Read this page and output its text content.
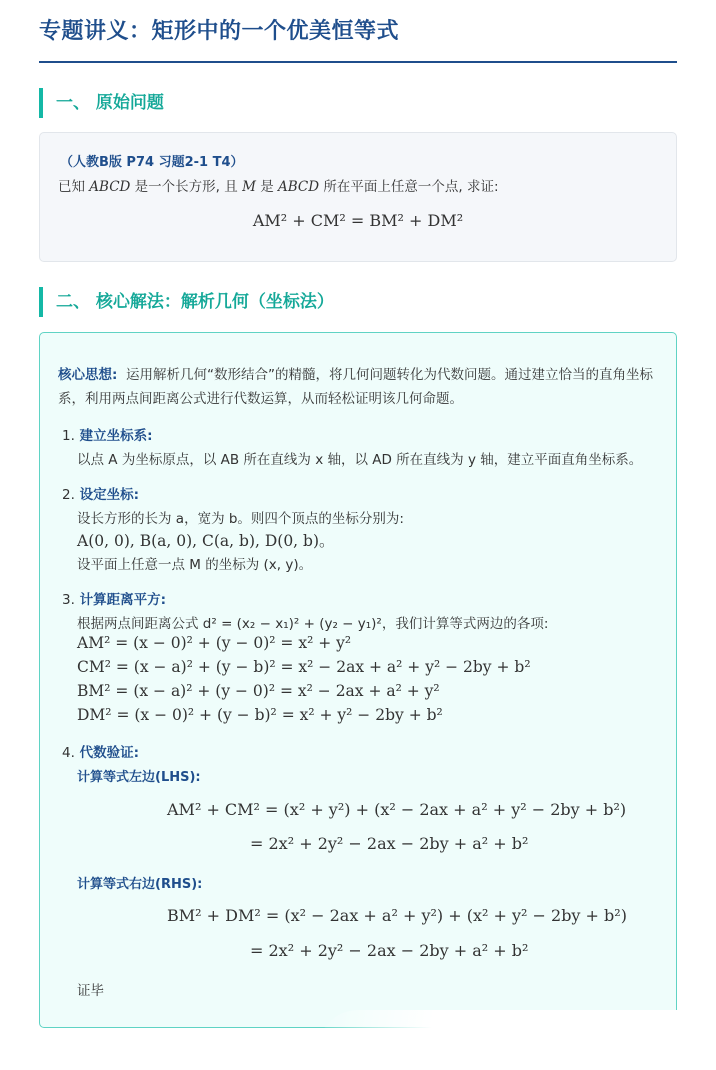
专题讲义：矩形中的一个优美恒等式
一、 原始问题
（人教B版 P74 习题2-1 T4）
已知 ABCD 是一个长方形, 且 M 是 ABCD 所在平面上任意一个点, 求证:
AM² + CM² = BM² + DM²
二、 核心解法：解析几何（坐标法）
核心思想: 运用解析几何“数形结合”的精髓，将几何问题转化为代数问题。通过建立恰当的直角坐标系，利用两点间距离公式进行代数运算，从而轻松证明该几何命题。
1. 建立坐标系:
以点 A 为坐标原点，以 AB 所在直线为 x 轴，以 AD 所在直线为 y 轴，建立平面直角坐标系。
2. 设定坐标:
设长方形的长为 a，宽为 b。则四个顶点的坐标分别为:
A(0, 0), B(a, 0), C(a, b), D(0, b)。
设平面上任意一点 M 的坐标为 (x, y)。
3. 计算距离平方:
根据两点间距离公式 d² = (x₂ − x₁)² + (y₂ − y₁)²，我们计算等式两边的各项:
AM² = (x − 0)² + (y − 0)² = x² + y²
CM² = (x − a)² + (y − b)² = x² − 2ax + a² + y² − 2by + b²
BM² = (x − a)² + (y − 0)² = x² − 2ax + a² + y²
DM² = (x − 0)² + (y − b)² = x² + y² − 2by + b²
4. 代数验证:
计算等式左边(LHS):
AM² + CM² = (x² + y²) + (x² − 2ax + a² + y² − 2by + b²)
= 2x² + 2y² − 2ax − 2by + a² + b²
计算等式右边(RHS):
BM² + DM² = (x² − 2ax + a² + y²) + (x² + y² − 2by + b²)
= 2x² + 2y² − 2ax − 2by + a² + b²
证毕
